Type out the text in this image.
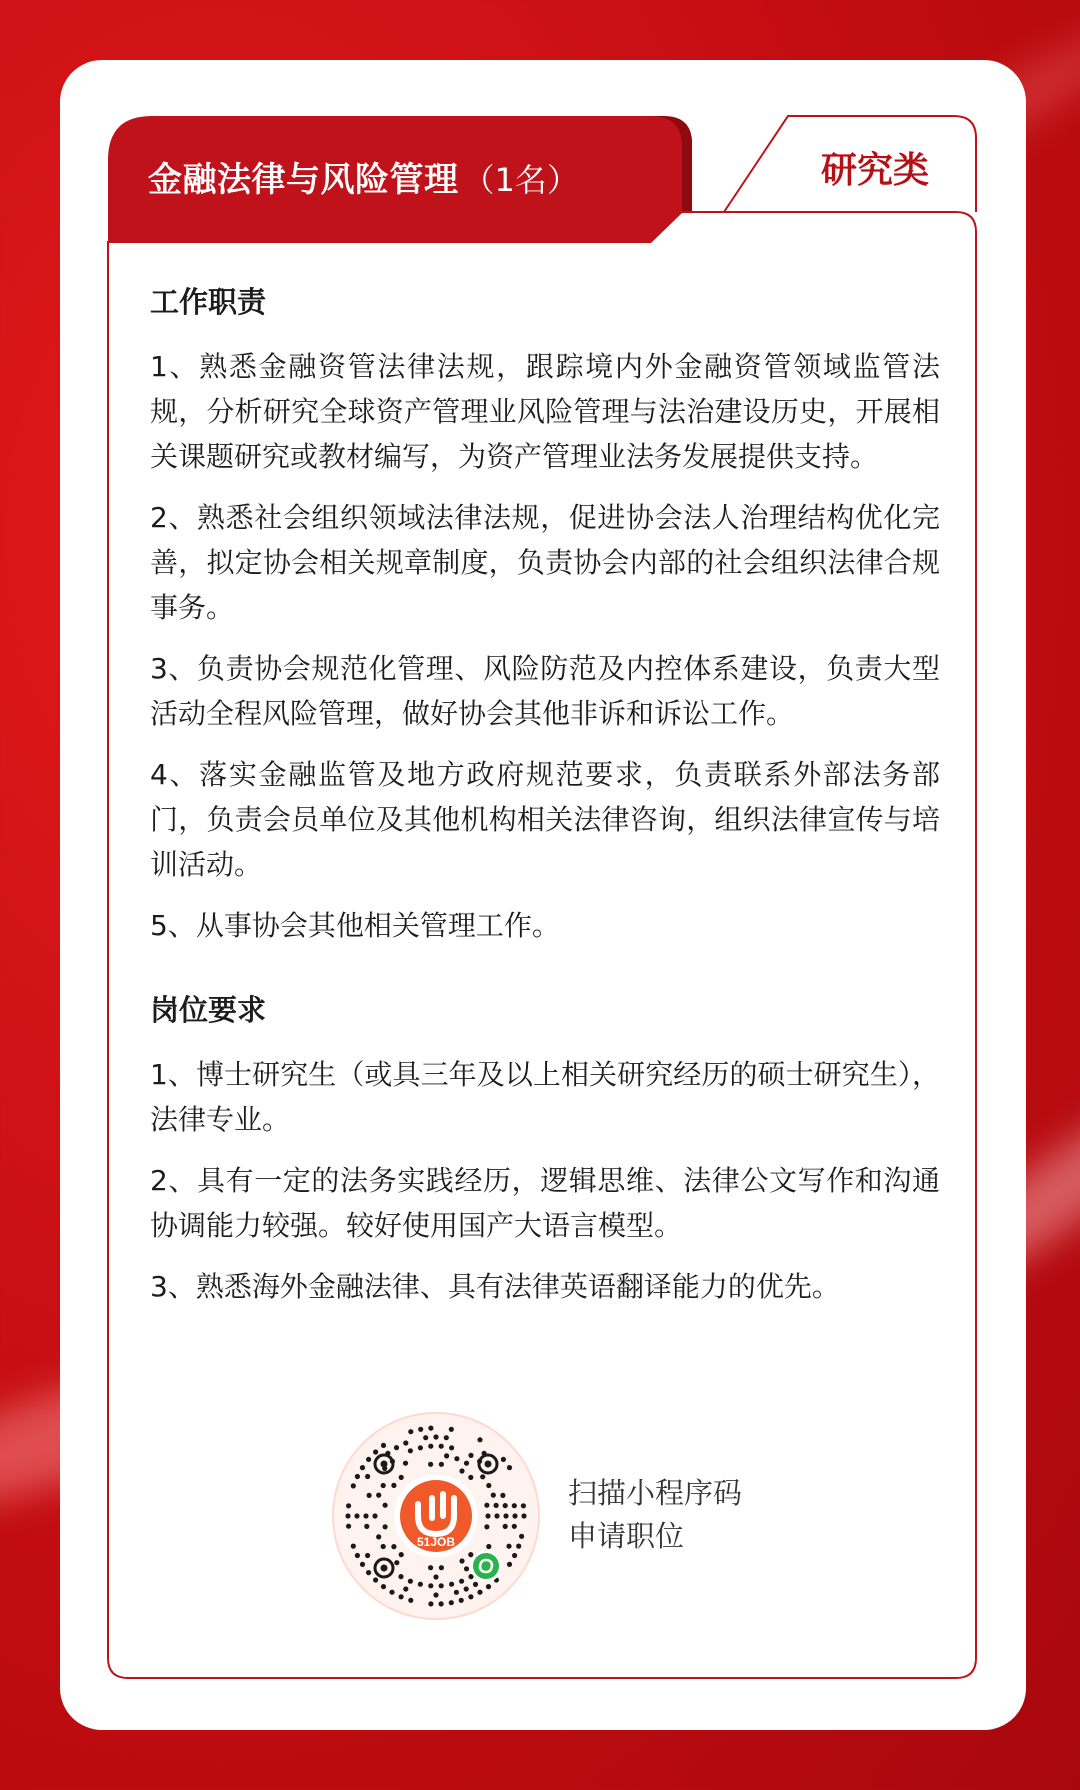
金融法律与风险管理 （1名）	研究类
工作职责

1、熟悉金融资管法律法规，跟踪境内外金融资管领域监管法规，分析研究全球资产管理业风险管理与法治建设历史，开展相关课题研究或教材编写，为资产管理业法务发展提供支持。

2、熟悉社会组织领域法律法规，促进协会法人治理结构优化完善，拟定协会相关规章制度，负责协会内部的社会组织法律合规事务。

3、负责协会规范化管理、风险防范及内控体系建设，负责大型活动全程风险管理，做好协会其他非诉和诉讼工作。

4、落实金融监管及地方政府规范要求，负责联系外部法务部门，负责会员单位及其他机构相关法律咨询，组织法律宣传与培训活动。

5、从事协会其他相关管理工作。

岗位要求

1、博士研究生（或具三年及以上相关研究经历的硕士研究生），法律专业。

2、具有一定的法务实践经历，逻辑思维、法律公文写作和沟通协调能力较强。较好使用国产大语言模型。

3、熟悉海外金融法律、具有法律英语翻译能力的优先。

51JOB
扫描小程序码
申请职位
